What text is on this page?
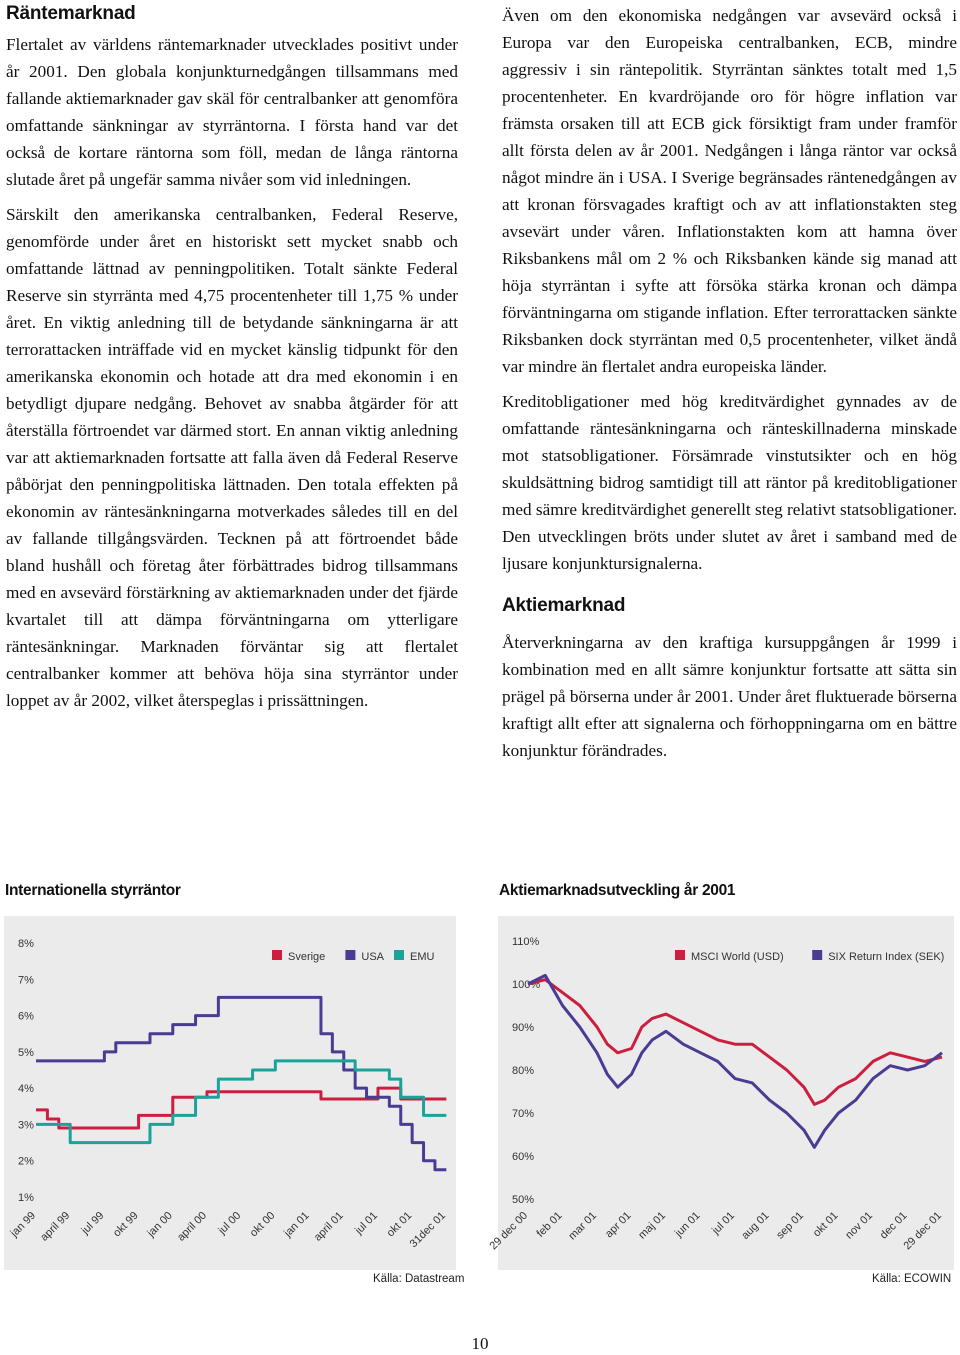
Räntemarknad

Flertalet av världens räntemarknader utvecklades positivt under år 2001. Den globala konjunkturnedgången tillsammans med fallande aktiemarknader gav skäl för centralbanker att genomföra omfattande sänkningar av styrräntorna. I första hand var det också de kortare räntorna som föll, medan de långa räntorna slutade året på ungefär samma nivåer som vid inledningen.

Särskilt den amerikanska centralbanken, Federal Reserve, genomförde under året en historiskt sett mycket snabb och omfattande lättnad av penningpolitiken. Totalt sänkte Federal Reserve sin styrränta med 4,75 procentenheter till 1,75 % under året. En viktig anledning till de betydande sänkningarna är att terrorattacken inträffade vid en mycket känslig tidpunkt för den amerikanska ekonomin och hotade att dra med ekonomin i en betydligt djupare nedgång. Behovet av snabba åtgärder för att återställa förtroendet var därmed stort. En annan viktig anledning var att aktiemarknaden fortsatte att falla även då Federal Reserve påbörjat den penningpolitiska lättnaden. Den totala effekten på ekonomin av räntesänkningarna motverkades således till en del av fallande tillgångsvärden. Tecknen på att förtroendet både bland hushåll och företag åter förbättrades bidrog tillsammans med en avsevärd förstärkning av aktiemarknaden under det fjärde kvartalet till att dämpa förväntningarna om ytterligare räntesänkningar. Marknaden förväntar sig att flertalet centralbanker kommer att behöva höja sina styrräntor under loppet av år 2002, vilket återspeglas i prissättningen.

Även om den ekonomiska nedgången var avsevärd också i Europa var den Europeiska centralbanken, ECB, mindre aggressiv i sin räntepolitik. Styrräntan sänktes totalt med 1,5 procentenheter. En kvardröjande oro för högre inflation var främsta orsaken till att ECB gick försiktigt fram under framför allt första delen av år 2001. Nedgången i långa räntor var också något mindre än i USA. I Sverige begränsades räntenedgången av att kronan försvagades kraftigt och av att inflationstakten steg avsevärt under våren. Inflationstakten kom att hamna över Riksbankens mål om 2 % och Riksbanken kände sig manad att höja styrräntan i syfte att försöka stärka kronan och dämpa förväntningarna om stigande inflation. Efter terrorattacken sänkte Riksbanken dock styrräntan med 0,5 procentenheter, vilket ändå var mindre än flertalet andra europeiska länder.

Kreditobligationer med hög kreditvärdighet gynnades av de omfattande räntesänkningarna och ränteskillnaderna minskade mot statsobligationer. Försämrade vinstutsikter och en hög skuldsättning bidrog samtidigt till att räntor på kreditobligationer med sämre kreditvärdighet generellt steg relativt statsobligationer. Den utvecklingen bröts under slutet av året i samband med de ljusare konjunktursignalerna.

Aktiemarknad

Återverkningarna av den kraftiga kursuppgången år 1999 i kombination med en allt sämre konjunktur fortsatte att sätta sin prägel på börserna under år 2001. Under året fluktuerade börserna kraftigt allt efter att signalerna och förhoppningarna om en bättre konjunktur förändrades.

Internationella styrräntor
8%
7%
6%
5%
4%
3%
2%
1%
jan 99 april 99 jul 99 okt 99 jan 00 april 00 jul 00 okt 00 jan 01 april 01 jul 01 okt 01
31dec 01
Sverige	USA EMU
Källa: Datastream
Aktiemarknadsutveckling år 2001
110%
100%
90%
80%
70%
60%
50%
29 dec 00 feb 01 mar 01 apr 01 maj 01 jun 01 jul 01 aug 01 sep 01 okt 01 nov 01 dec 01
29 dec 01
MSCI World (USD)	SIX Return Index (SEK)
Källa: ECOWIN
10
